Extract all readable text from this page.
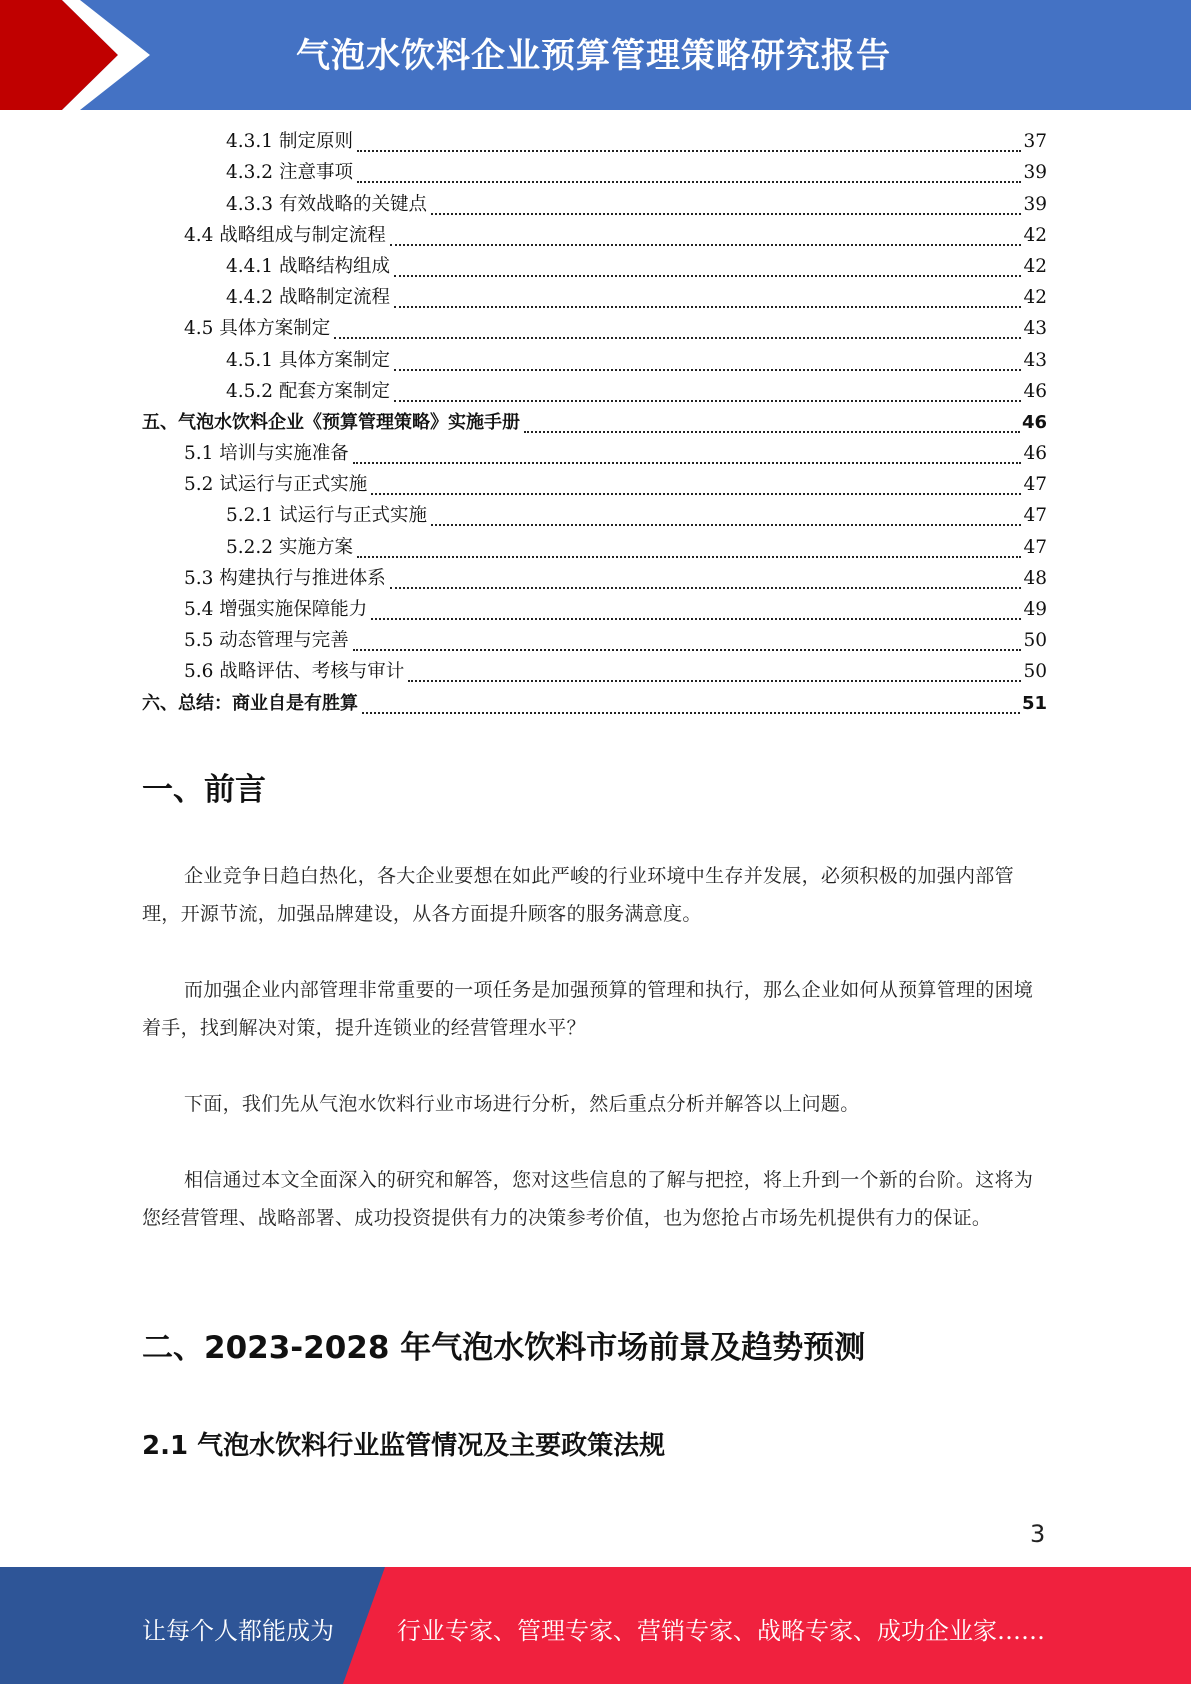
气泡水饮料企业预算管理策略研究报告
4.3.1 制定原则	37
4.3.2 注意事项	39
4.3.3 有效战略的关键点	39
4.4 战略组成与制定流程	42
4.4.1 战略结构组成	42
4.4.2 战略制定流程	42
4.5 具体方案制定	43
4.5.1 具体方案制定	43
4.5.2 配套方案制定	46
五、气泡水饮料企业《预算管理策略》实施手册	46
5.1 培训与实施准备	46
5.2 试运行与正式实施	47
5.2.1 试运行与正式实施	47
5.2.2 实施方案	47
5.3 构建执行与推进体系	48
5.4 增强实施保障能力	49
5.5 动态管理与完善	50
5.6 战略评估、考核与审计	50
六、总结：商业自是有胜算	51
一、前言
企业竞争日趋白热化，各大企业要想在如此严峻的行业环境中生存并发展，必须积极的加强内部管理，开源节流，加强品牌建设，从各方面提升顾客的服务满意度。
而加强企业内部管理非常重要的一项任务是加强预算的管理和执行，那么企业如何从预算管理的困境着手，找到解决对策，提升连锁业的经营管理水平？
下面，我们先从气泡水饮料行业市场进行分析，然后重点分析并解答以上问题。
相信通过本文全面深入的研究和解答，您对这些信息的了解与把控，将上升到一个新的台阶。这将为您经营管理、战略部署、成功投资提供有力的决策参考价值，也为您抢占市场先机提供有力的保证。
二、2023-2028 年气泡水饮料市场前景及趋势预测
2.1 气泡水饮料行业监管情况及主要政策法规
3
让每个人都能成为	行业专家、管理专家、营销专家、战略专家、成功企业家……
